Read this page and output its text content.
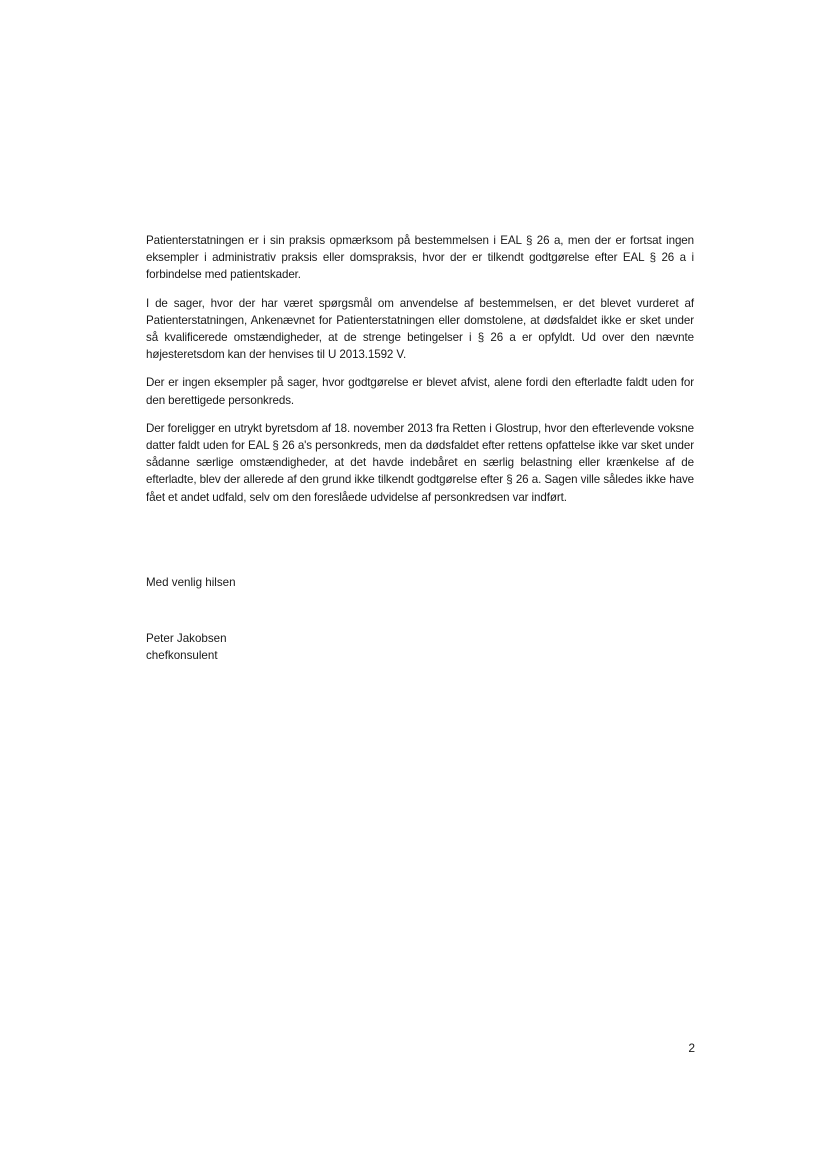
Patienterstatningen er i sin praksis opmærksom på bestemmelsen i EAL § 26 a, men der er fortsat ingen eksempler i administrativ praksis eller domspraksis, hvor der er tilkendt godtgørelse efter EAL § 26 a i forbindelse med patientskader.

I de sager, hvor der har været spørgsmål om anvendelse af bestemmelsen, er det blevet vurderet af Patienterstatningen, Ankenævnet for Patienterstatningen eller domstolene, at dødsfaldet ikke er sket under så kvalificerede omstændigheder, at de strenge betingelser i § 26 a er opfyldt. Ud over den nævnte højesteretsdom kan der henvises til U 2013.1592 V.

Der er ingen eksempler på sager, hvor godtgørelse er blevet afvist, alene fordi den efterladte faldt uden for den berettigede personkreds.

Der foreligger en utrykt byretsdom af 18. november 2013 fra Retten i Glostrup, hvor den efterlevende voksne datter faldt uden for EAL § 26 a's personkreds, men da dødsfaldet efter rettens opfattelse ikke var sket under sådanne særlige omstændigheder, at det havde indebåret en særlig belastning eller krænkelse af de efterladte, blev der allerede af den grund ikke tilkendt godtgørelse efter § 26 a. Sagen ville således ikke have fået et andet udfald, selv om den foreslåede udvidelse af personkredsen var indført.

Med venlig hilsen

Peter Jakobsen
chefkonsulent
2
